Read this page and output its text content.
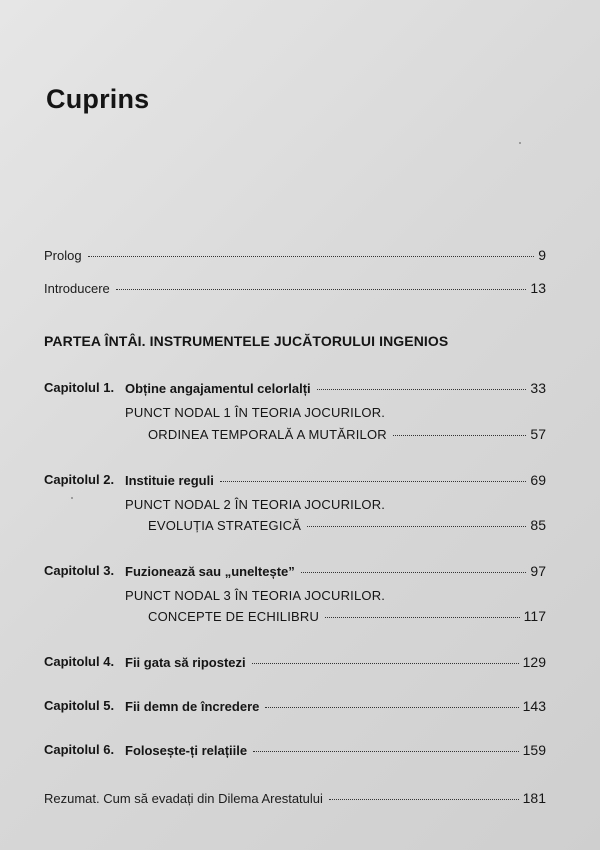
Cuprins
Prolog	9
Introducere	13
PARTEA ÎNTÂI. INSTRUMENTELE JUCĂTORULUI INGENIOS
Capitolul 1. Obține angajamentul celorlalți	33
PUNCT NODAL 1 ÎN TEORIA JOCURILOR.
ORDINEA TEMPORALĂ A MUTĂRILOR	57
Capitolul 2. Instituie reguli	69
PUNCT NODAL 2 ÎN TEORIA JOCURILOR.
EVOLUȚIA STRATEGICĂ	85
Capitolul 3. Fuzionează sau „uneltește”	97
PUNCT NODAL 3 ÎN TEORIA JOCURILOR.
CONCEPTE DE ECHILIBRU	117
Capitolul 4. Fii gata să ripostezi	129
Capitolul 5. Fii demn de încredere	143
Capitolul 6. Folosește-ți relațiile	159
Rezumat. Cum să evadați din Dilema Arestatului	181
